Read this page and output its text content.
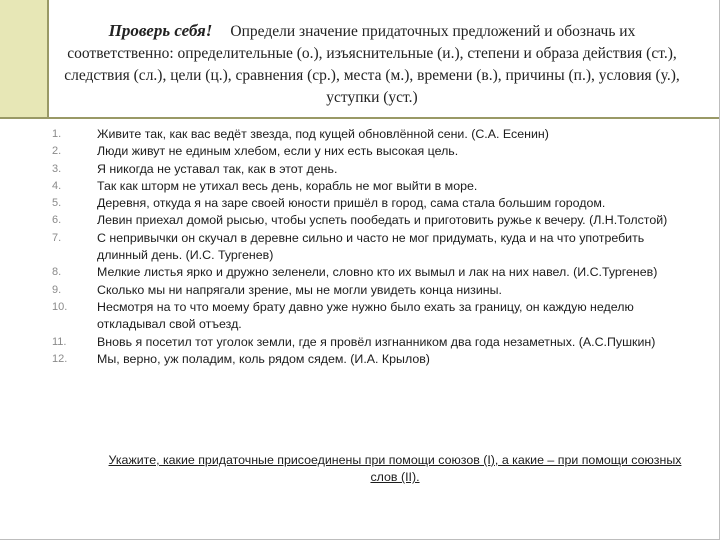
Проверь себя! Определи значение придаточных предложений и обозначь их соответственно: определительные (о.), изъяснительные (и.), степени и образа действия (ст.), следствия (сл.), цели (ц.), сравнения (ср.), места (м.), времени (в.), причины (п.), условия (у.), уступки (уст.)
1.	Живите так, как вас ведёт звезда, под кущей обновлённой сени. (С.А. Есенин)
2.	Люди живут не единым хлебом, если у них есть высокая цель.
3.	Я никогда не уставал так, как в этот день.
4.	Так как шторм не утихал весь день, корабль не мог выйти в море.
5.	Деревня, откуда я на заре своей юности пришёл в город, сама стала большим городом.
6.	Левин приехал домой рысью, чтобы успеть пообедать и приготовить ружье к вечеру. (Л.Н.Толстой)
7.	С непривычки он скучал в деревне сильно и часто не мог придумать, куда и на что употребить длинный день. (И.С. Тургенев)
8.	Мелкие листья ярко и дружно зеленели, словно кто их вымыл и лак на них навел. (И.С.Тургенев)
9.	Сколько мы ни напрягали зрение, мы не могли увидеть конца низины.
10.	Несмотря на то что моему брату давно уже нужно было ехать за границу, он каждую неделю откладывал свой отъезд.
11.	Вновь я посетил тот уголок земли, где я провёл изгнанником два года незаметных. (А.С.Пушкин)
12.	Мы, верно, уж поладим, коль рядом сядем. (И.А. Крылов)
Укажите, какие придаточные присоединены при помощи союзов (I), а какие – при помощи союзных слов (II).
